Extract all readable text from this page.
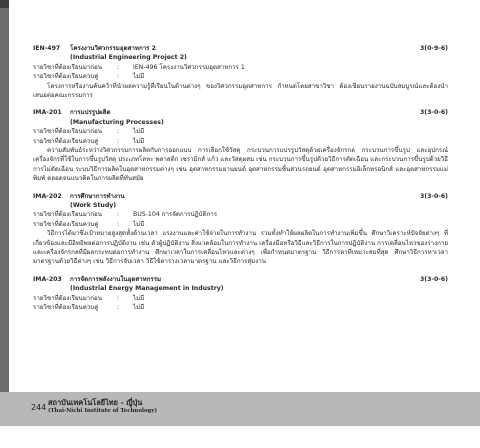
IEN-497 โครงงานวิศวกรรมอุตสาหการ 2	3(0-9-6)
(Industrial Engineering Project 2)
รายวิชาที่ต้องเรียนมาก่อน : IEN-496 โครงงานวิศวกรรมอุตสาหการ 1
รายวิชาที่ต้องเรียนควบคู่	: ไม่มี
โครงการหรืองานค้นคว้าที่นำผลความรู้ที่เรียนในด้านต่างๆ ของวิศวกรรมอุตสาหการ กำหนดโดยสาขาวิชา ต้องเขียนรายงานฉบับสมบูรณ์และต้องนำเสนอต่อคณะกรรมการ
IMA-201 การแปรรูปผลิต	3(3-0-6)
(Manufacturing Processes)
รายวิชาที่ต้องเรียนมาก่อน : ไม่มี
รายวิชาที่ต้องเรียนควบคู่	: ไม่มี
ความสัมพันธ์ระหว่างวิศวกรรมการผลิตกับการออกแบบ การเลือกใช้วัสดุ กระบวนการแปรรูปวัสดุด้วยเครื่องจักรกล กระบวนการขึ้นรูป และอุปกรณ์เครื่องจักรที่ใช้ในการขึ้นรูปวัสดุ ประเภทโลหะ พลาสติก เซรามิกส์ แก้ว และวัสดุผสม เช่น กระบวนการขึ้นรูปด้วยวิธีการตัดเฉือน และกระบวนการขึ้นรูปด้วยวิธีการไม่ตัดเฉือน ระบบวิธีการผลิตในอุตสาหกรรมต่างๆ เช่น อุตสาหกรรมยานยนต์ อุตสาหกรรมชิ้นส่วนรถยนต์ อุตสาหกรรมอิเล็กทรอนิกส์ และอุตสาหกรรมแม่พิมพ์ ตลอดจนแนวคิดในการผลิตที่ทันสมัย
IMA-202 การศึกษาการทำงาน	3(3-0-6)
(Work Study)
รายวิชาที่ต้องเรียนมาก่อน : BUS-104 การจัดการปฏิบัติการ
รายวิชาที่ต้องเรียนควบคู่	: ไม่มี
วิธีการได้มาซึ่งเป้าหมายสูงสุดทั้งด้านเวลา แรงงานและค่าใช้จ่ายในการทำงาน รวมทั้งทำให้ผลผลิตในการทำงานเพิ่มขึ้น ศึกษาวิเคราะห์ปัจจัยต่างๆ ที่เกี่ยวข้องและมีอิทธิพลต่อการปฏิบัติงาน เช่น ตัวผู้ปฏิบัติงาน สิ่งแวดล้อมในการทำงาน เครื่องมือหรือวิธีและวิธีการในการปฏิบัติงาน การเคลื่อนไหวของร่างกายและเครื่องจักรกลที่มีผลกระทบต่อการทำงาน ศึกษาเวลาในการเคลื่อนไหวและต่างๆ เพื่อกำหนดมาตรฐาน วิธีการหาที่เหมาะสมที่สุด ศึกษาวิธีการหาเวลามาตรฐานด้วยวิธีต่างๆ เช่น วิธีการจับเวลา วิธีใช้ตารางเวลามาตรฐาน และวิธีการสุ่มงาน
IMA-203 การจัดการพลังงานในอุตสาหกรรม	3(3-0-6)
(Industrial Energy Management in Industry)
รายวิชาที่ต้องเรียนมาก่อน : ไม่มี
รายวิชาที่ต้องเรียนควบคู่	: ไม่มี
244
สถาบันเทคโนโลยีไทย - ญี่ปุ่น
(Thai-Nichi Institute of Technology)
